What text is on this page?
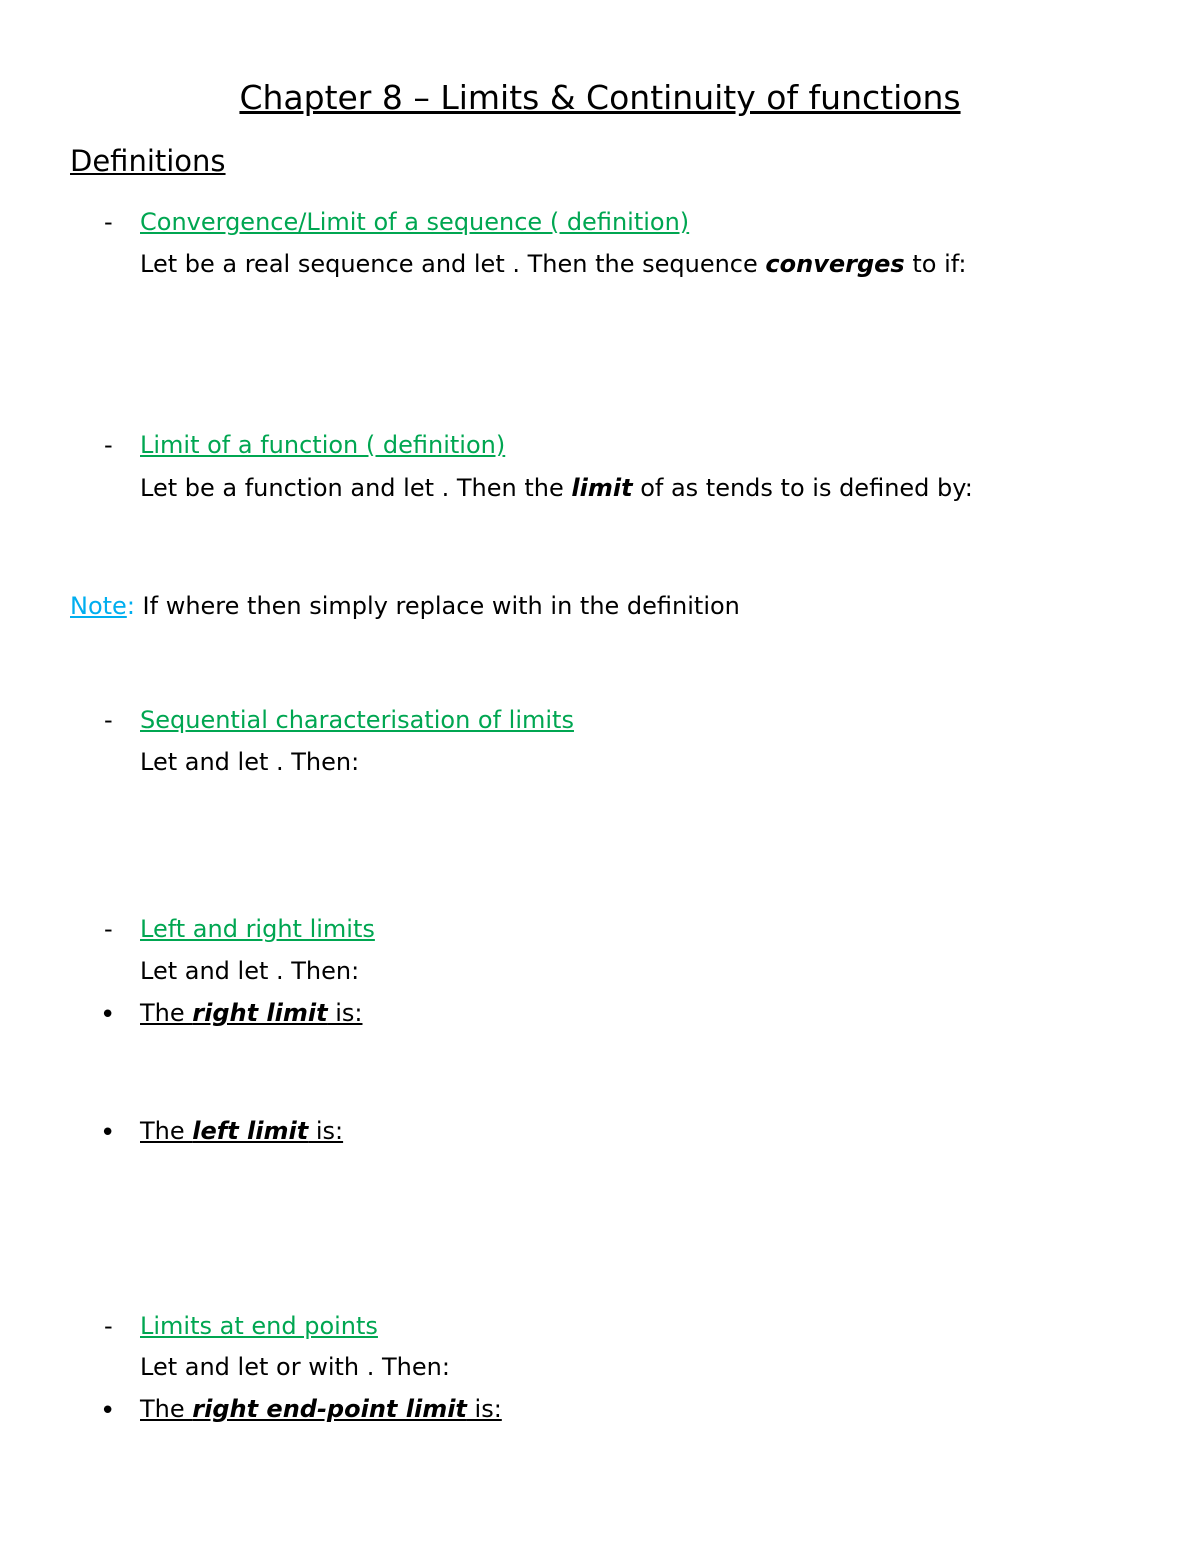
Chapter 8 – Limits & Continuity of functions
Definitions
- Convergence/Limit of a sequence ( definition)
Let be a real sequence and let . Then the sequence converges to if:
- Limit of a function ( definition)
Let be a function and let . Then the limit of as tends to is defined by:
Note: If where then simply replace with in the definition
- Sequential characterisation of limits
Let and let . Then:
- Left and right limits
Let and let . Then:
• The right limit is:
• The left limit is:
- Limits at end points
Let and let or with . Then:
• The right end-point limit is:
